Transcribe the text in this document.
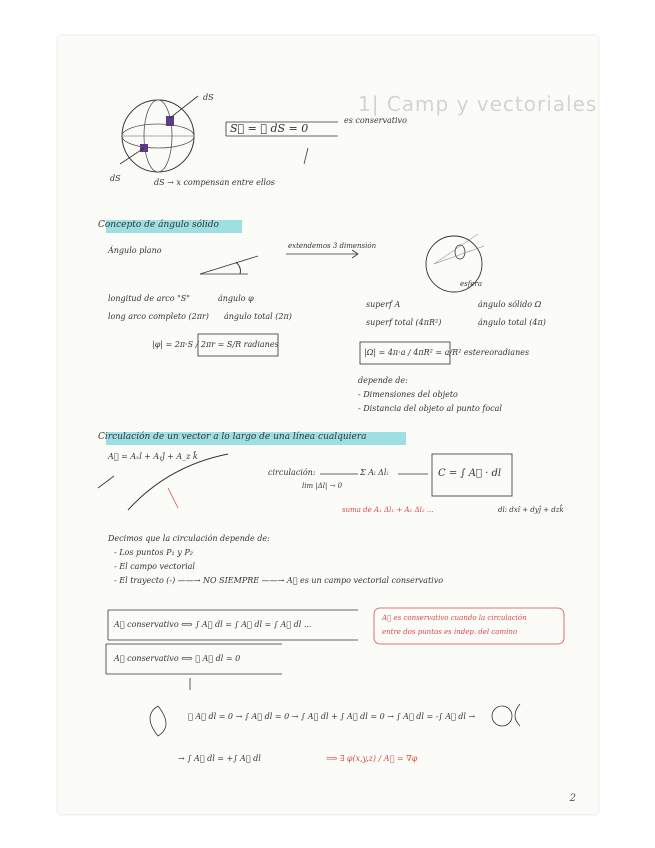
1| Camp y vectoriales
dS
dS
S⃗ = ∮ dS = 0
es conservativo
dS → x compensan entre ellos
Concepto de ángulo sólido
Ángulo plano	extendemos 3 dimensión
esfera
longitud de arco "S"	ángulo φ
long arco completo (2πr) ángulo total (2π)
|φ| = 2π·S / 2πr = S/R radianes
superf A	ángulo sólido Ω
superf total (4πR²)	ángulo total (4π)
|Ω| = 4π·a / 4πR² = a/R² estereoradianes
depende de:
- Dimensiones del objeto
- Distancia del objeto al punto focal
Circulación de un vector a lo largo de una línea cualquiera
A⃗ = Aₓî + Aᵧĵ + A_z k̂
circulación:
lim |Δl| → 0
Σ Aᵢ Δlᵢ	C = ∫ A⃗ · dl
suma de A₁ Δl₁ + A₂ Δl₂ ...	dl: dxî + dyĵ + dzk̂
Decimos que la circulación depende de:
- Los puntos P₁ y P₂
- El campo vectorial
- El trayecto (-) ——→ NO SIEMPRE ——→ A⃗ es un campo vectorial conservativo
A⃗ conservativo ⟺ ∫ A⃗ dl = ∫ A⃗ dl = ∫ A⃗ dl ...
A⃗ es conservativo cuando la circulación
entre dos puntos es indep. del camino
A⃗ conservativo ⟺ ∮ A⃗ dl = 0
∮ A⃗ dl = 0 → ∫ A⃗ dl = 0 → ∫ A⃗ dl + ∫ A⃗ dl = 0 → ∫ A⃗ dl = -∫ A⃗ dl →
→ ∫ A⃗ dl = +∫ A⃗ dl	⟹ ∃ φ(x,y,z) / A⃗ = ∇φ
2
